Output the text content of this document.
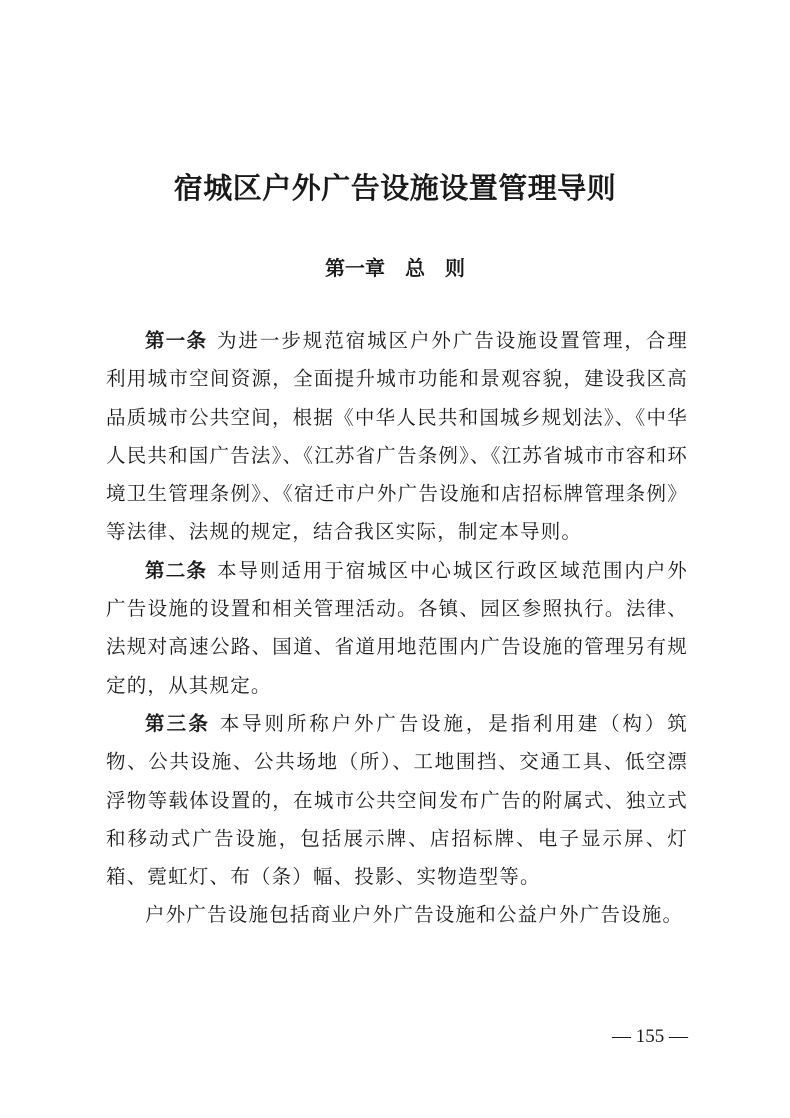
宿城区户外广告设施设置管理导则
第一章　总　则

第一条 为进一步规范宿城区户外广告设施设置管理，合理利用城市空间资源，全面提升城市功能和景观容貌，建设我区高品质城市公共空间，根据《中华人民共和国城乡规划法》、《中华人民共和国广告法》、《江苏省广告条例》、《江苏省城市市容和环境卫生管理条例》、《宿迁市户外广告设施和店招标牌管理条例》等法律、法规的规定，结合我区实际，制定本导则。

第二条 本导则适用于宿城区中心城区行政区域范围内户外广告设施的设置和相关管理活动。各镇、园区参照执行。法律、法规对高速公路、国道、省道用地范围内广告设施的管理另有规定的，从其规定。

第三条 本导则所称户外广告设施，是指利用建（构）筑物、公共设施、公共场地（所）、工地围挡、交通工具、低空漂浮物等载体设置的，在城市公共空间发布广告的附属式、独立式和移动式广告设施，包括展示牌、店招标牌、电子显示屏、灯箱、霓虹灯、布（条）幅、投影、实物造型等。

户外广告设施包括商业户外广告设施和公益户外广告设施。

— 155 —
